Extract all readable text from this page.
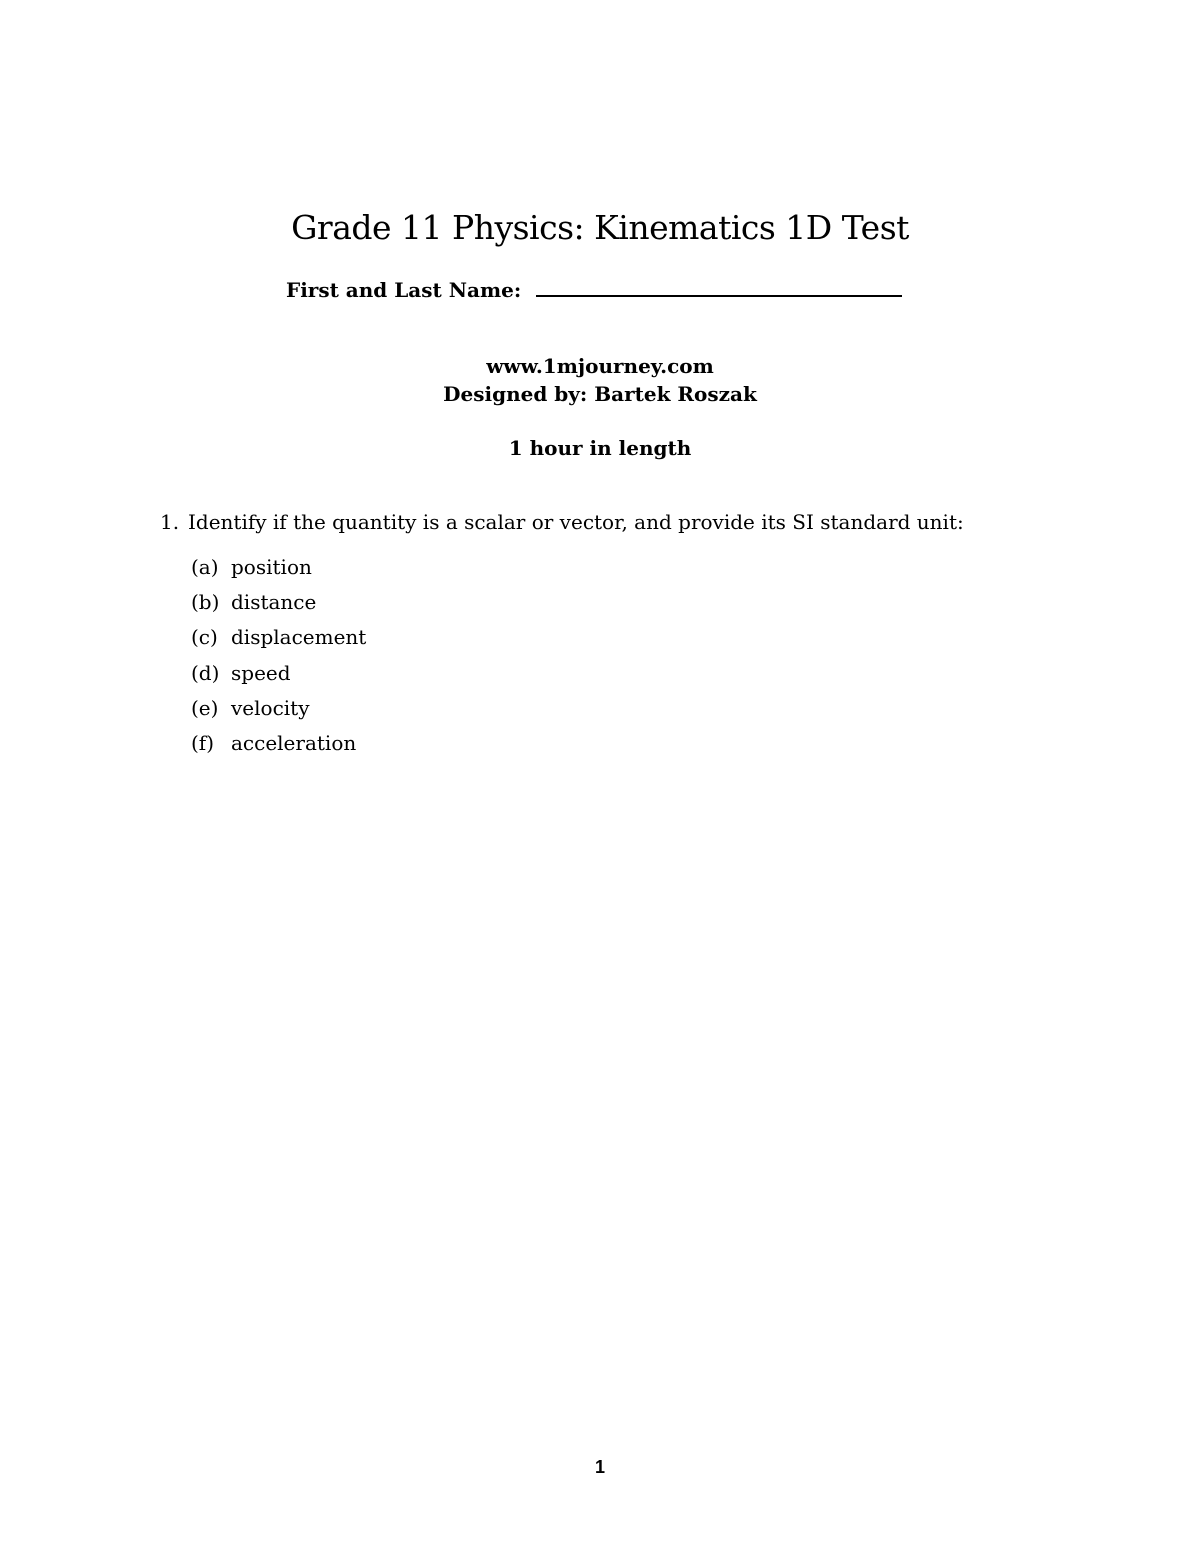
Grade 11 Physics: Kinematics 1D Test
First and Last Name:
www.1mjourney.com
Designed by: Bartek Roszak
1 hour in length
1. Identify if the quantity is a scalar or vector, and provide its SI standard unit:
(a) position
(b) distance
(c) displacement
(d) speed
(e) velocity
(f) acceleration
1
